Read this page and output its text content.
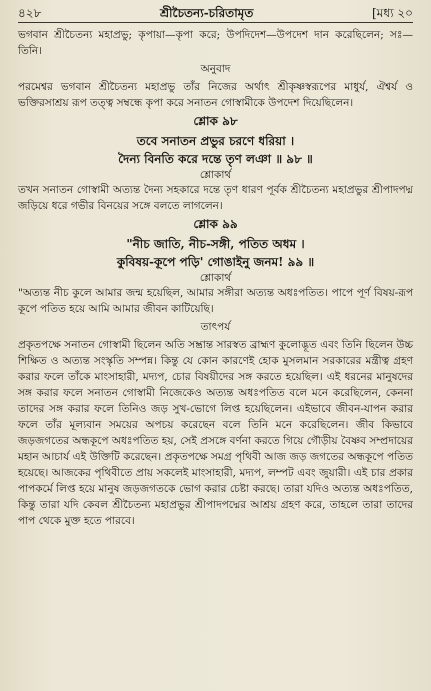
৪২৮	শ্রীচৈতন্য-চরিতামৃত	[মধ্য ২০

ভগবান শ্রীচৈতন্য মহাপ্রভু; কৃপায়া—কৃপা করে; উপদিদেশ—উপদেশ দান করেছিলেন; সঃ—তিনি।

অনুবাদ

পরমেশ্বর ভগবান শ্রীচৈতন্য মহাপ্রভু তাঁর নিজের অর্থাৎ শ্রীকৃষ্ণস্বরূপের মাধুর্য, ঐশ্বর্য ও ভক্তিরসাশ্রয় রূপ তত্ত্ব সম্বন্ধে কৃপা করে সনাতন গোস্বামীকে উপদেশ দিয়েছিলেন।

শ্লোক ৯৮

তবে সনাতন প্রভুর চরণে ধরিয়া ।

দৈন্য বিনতি করে দন্তে তৃণ লঞা ॥ ৯৮ ॥

শ্লোকার্থ

তখন সনাতন গোস্বামী অত্যন্ত দৈন্য সহকারে দন্তে তৃণ ধারণ পূর্বক শ্রীচৈতন্য মহাপ্রভুর শ্রীপাদপদ্ম জড়িয়ে ধরে গভীর বিনয়ের সঙ্গে বলতে লাগলেন।

শ্লোক ৯৯

"নীচ জাতি, নীচ-সঙ্গী, পতিত অধম ।

কুবিষয়-কূপে পড়ি' গোঙাইনু জনম! ৯৯ ॥

শ্লোকার্থ

"অত্যন্ত নীচ কুলে আমার জন্ম হয়েছিল, আমার সঙ্গীরা অত্যন্ত অধঃপতিত। পাপে পূর্ণ বিষয়-রূপ কূপে পতিত হয়ে আমি আমার জীবন কাটিয়েছি।

তাৎপর্য

প্রকৃতপক্ষে সনাতন গোস্বামী ছিলেন অতি সম্ভ্রান্ত সারস্বত ব্রাহ্মণ কুলোদ্ভূত এবং তিনি ছিলেন উচ্চ শিক্ষিত ও অত্যন্ত সংস্কৃতি সম্পন্ন। কিন্তু যে কোন কারণেই হোক মুসলমান সরকারের মন্ত্রীত্ব গ্রহণ করার ফলে তাঁকে মাংসাহারী, মদ্যপ, চোর বিষয়ীদের সঙ্গ করতে হয়েছিল। এই ধরনের মানুষদের সঙ্গ করার ফলে সনাতন গোস্বামী নিজেকেও অত্যন্ত অধঃপতিত বলে মনে করেছিলেন, কেননা তাদের সঙ্গ করার ফলে তিনিও জড় সুখ-ভোগে লিপ্ত হয়েছিলেন। এইভাবে জীবন-যাপন করার ফলে তাঁর মূল্যবান সময়ের অপচয় করেছেন বলে তিনি মনে করেছিলেন। জীব কিভাবে জড়জগতের অন্ধকূপে অধঃপতিত হয়, সেই প্রসঙ্গে বর্ণনা করতে গিয়ে গৌড়ীয় বৈষ্ণব সম্প্রদায়ের মহান আচার্য এই উক্তিটি করেছেন। প্রকৃতপক্ষে সমগ্র পৃথিবী আজ জড় জগতের অন্ধকূপে পতিত হয়েছে। আজকের পৃথিবীতে প্রায় সকলেই মাংসাহারী, মদ্যপ, লম্পট এবং জুয়ারী। এই চার প্রকার পাপকর্মে লিপ্ত হয়ে মানুষ জড়জগতকে ভোগ করার চেষ্টা করছে। তারা যদিও অত্যন্ত অধঃপতিত, কিন্তু তারা যদি কেবল শ্রীচৈতন্য মহাপ্রভুর শ্রীপাদপদ্মের আশ্রয় গ্রহণ করে, তাহলে তারা তাদের পাপ থেকে মুক্ত হতে পারবে।
